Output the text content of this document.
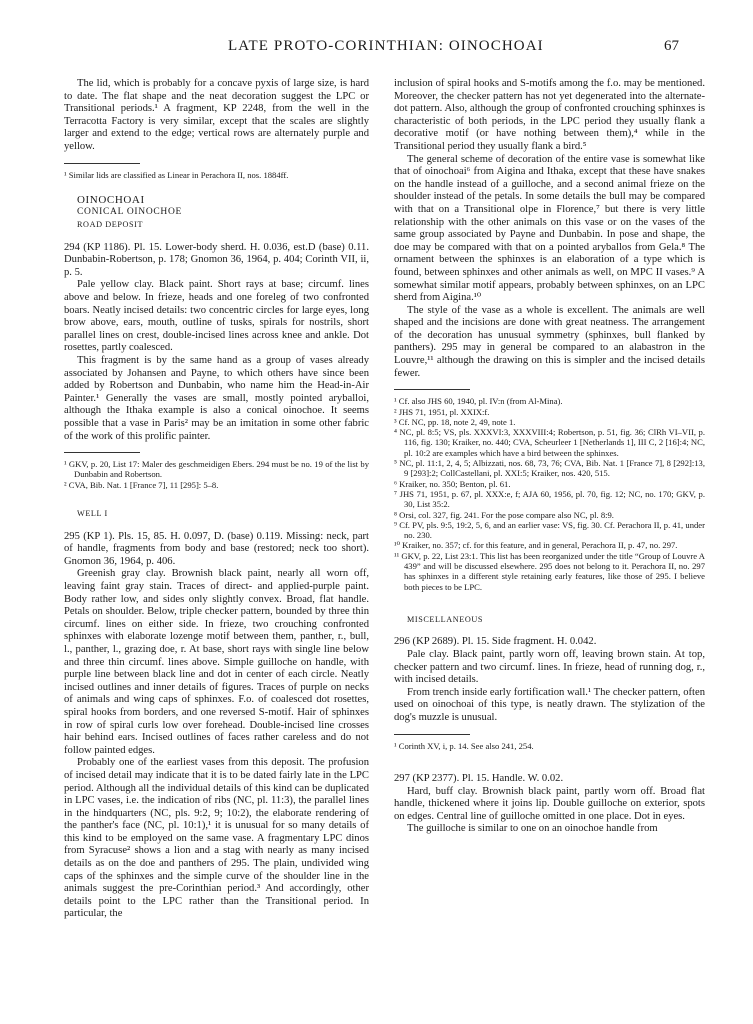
LATE PROTO-CORINTHIAN: OINOCHOAI	67

The lid, which is probably for a concave pyxis of large size, is hard to date. The flat shape and the neat decoration suggest the LPC or Transitional periods.¹ A fragment, KP 2248, from the well in the Terracotta Factory is very similar, except that the scales are slightly larger and extend to the edge; vertical rows are alternately purple and yellow.

¹ Similar lids are classified as Linear in Perachora II, nos. 1884ff.

OINOCHOAI

CONICAL OINOCHOE

ROAD DEPOSIT

294 (KP 1186). Pl. 15. Lower-body sherd. H. 0.036, est.D (base) 0.11. Dunbabin-Robertson, p. 178; Gnomon 36, 1964, p. 404; Corinth VII, ii, p. 5.

Pale yellow clay. Black paint. Short rays at base; circumf. lines above and below. In frieze, heads and one foreleg of two confronted boars. Neatly incised details: two concentric circles for large eyes, long brow above, ears, mouth, outline of tusks, spirals for nostrils, short parallel lines on crest, double-incised lines across knee and ankle. Dot rosettes, partly coalesced.

This fragment is by the same hand as a group of vases already associated by Johansen and Payne, to which others have since been added by Robertson and Dunbabin, who name him the Head-in-Air Painter.¹ Generally the vases are small, mostly pointed aryballoi, although the Ithaka example is also a conical oinochoe. It seems possible that a vase in Paris² may be an imitation in some other fabric of the work of this prolific painter.

¹ GKV, p. 20, List 17: Maler des geschmeidigen Ebers. 294 must be no. 19 of the list by Dunbabin and Robertson.

² CVA, Bib. Nat. 1 [France 7], 11 [295]: 5–8.

WELL I

295 (KP 1). Pls. 15, 85. H. 0.097, D. (base) 0.119. Missing: neck, part of handle, fragments from body and base (restored; neck too short). Gnomon 36, 1964, p. 406.

Greenish gray clay. Brownish black paint, nearly all worn off, leaving faint gray stain. Traces of direct- and applied-purple paint. Body rather low, and sides only slightly convex. Broad, flat handle. Petals on shoulder. Below, triple checker pattern, bounded by three thin circumf. lines on either side. In frieze, two crouching confronted sphinxes with elaborate lozenge motif between them, panther, r., bull, l., panther, l., grazing doe, r. At base, short rays with single line below and three thin circumf. lines above. Simple guilloche on handle, with purple line between black line and dot in center of each circle. Neatly incised outlines and inner details of figures. Traces of purple on necks of animals and wing caps of sphinxes. F.o. of coalesced dot rosettes, spiral hooks from borders, and one reversed S-motif. Hair of sphinxes in row of spiral curls low over forehead. Double-incised line crosses hair behind ears. Incised outlines of faces rather careless and do not follow painted edges.

Probably one of the earliest vases from this deposit. The profusion of incised detail may indicate that it is to be dated fairly late in the LPC period. Although all the individual details of this kind can be duplicated in LPC vases, i.e. the indication of ribs (NC, pl. 11:3), the parallel lines in the hindquarters (NC, pls. 9:2, 9; 10:2), the elaborate rendering of the panther's face (NC, pl. 10:1),¹ it is unusual for so many details of this kind to be employed on the same vase. A fragmentary LPC dinos from Syracuse² shows a lion and a stag with nearly as many incised details as on the doe and panthers of 295. The plain, undivided wing caps of the sphinxes and the simple curve of the shoulder line in the animals suggest the pre-Corinthian period.³ And accordingly, other details point to the LPC rather than the Transitional period. In particular, the

inclusion of spiral hooks and S-motifs among the f.o. may be mentioned. Moreover, the checker pattern has not yet degenerated into the alternate-dot pattern. Also, although the group of confronted crouching sphinxes is characteristic of both periods, in the LPC period they usually flank a decorative motif (or have nothing between them),⁴ while in the Transitional period they usually flank a bird.⁵

The general scheme of decoration of the entire vase is somewhat like that of oinochoai⁶ from Aigina and Ithaka, except that these have snakes on the handle instead of a guilloche, and a second animal frieze on the shoulder instead of the petals. In some details the bull may be compared with that on a Transitional olpe in Florence,⁷ but there is very little relationship with the other animals on this vase or on the vases of the same group associated by Payne and Dunbabin. In pose and shape, the doe may be compared with that on a pointed aryballos from Gela.⁸ The ornament between the sphinxes is an elaboration of a type which is found, between sphinxes and other animals as well, on MPC II vases.⁹ A somewhat similar motif appears, probably between sphinxes, on an LPC sherd from Aigina.¹⁰

The style of the vase as a whole is excellent. The animals are well shaped and the incisions are done with great neatness. The arrangement of the decoration has unusual symmetry (sphinxes, bull flanked by panthers). 295 may in general be compared to an alabastron in the Louvre,¹¹ although the drawing on this is simpler and the incised details fewer.

¹ Cf. also JHS 60, 1940, pl. IV:n (from Al-Mina).

² JHS 71, 1951, pl. XXIX:f.

³ Cf. NC, pp. 18, note 2, 49, note 1.

⁴ NC, pl. 8:5; VS, pls. XXXVI:3, XXXVIII:4; Robertson, p. 51, fig. 36; ClRh VI–VII, p. 116, fig. 130; Kraiker, no. 440; CVA, Scheurleer 1 [Netherlands 1], III C, 2 [16]:4; NC, pl. 10:2 are examples which have a bird between the sphinxes.

⁵ NC, pl. 11:1, 2, 4, 5; Albizzati, nos. 68, 73, 76; CVA, Bib. Nat. 1 [France 7], 8 [292]:13, 9 [293]:2; CollCastellani, pl. XXI:5; Kraiker, nos. 420, 515.

⁶ Kraiker, no. 350; Benton, pl. 61.

⁷ JHS 71, 1951, p. 67, pl. XXX:e, f; AJA 60, 1956, pl. 70, fig. 12; NC, no. 170; GKV, p. 30, List 35:2.

⁸ Orsi, col. 327, fig. 241. For the pose compare also NC, pl. 8:9.

⁹ Cf. PV, pls. 9:5, 19:2, 5, 6, and an earlier vase: VS, fig. 30. Cf. Perachora II, p. 41, under no. 230.

¹⁰ Kraiker, no. 357; cf. for this feature, and in general, Perachora II, p. 47, no. 297.

¹¹ GKV, p. 22, List 23:1. This list has been reorganized under the title “Group of Louvre A 439” and will be discussed elsewhere. 295 does not belong to it. Perachora II, no. 297 has sphinxes in a different style retaining early features, like those of 295. I believe both pieces to be LPC.

MISCELLANEOUS

296 (KP 2689). Pl. 15. Side fragment. H. 0.042.

Pale clay. Black paint, partly worn off, leaving brown stain. At top, checker pattern and two circumf. lines. In frieze, head of running dog, r., with incised details.

From trench inside early fortification wall.¹ The checker pattern, often used on oinochoai of this type, is neatly drawn. The stylization of the dog's muzzle is unusual.

¹ Corinth XV, i, p. 14. See also 241, 254.

297 (KP 2377). Pl. 15. Handle. W. 0.02.

Hard, buff clay. Brownish black paint, partly worn off. Broad flat handle, thickened where it joins lip. Double guilloche on exterior, spots on edges. Central line of guilloche omitted in one place. Dot in eyes.

The guilloche is similar to one on an oinochoe handle from
